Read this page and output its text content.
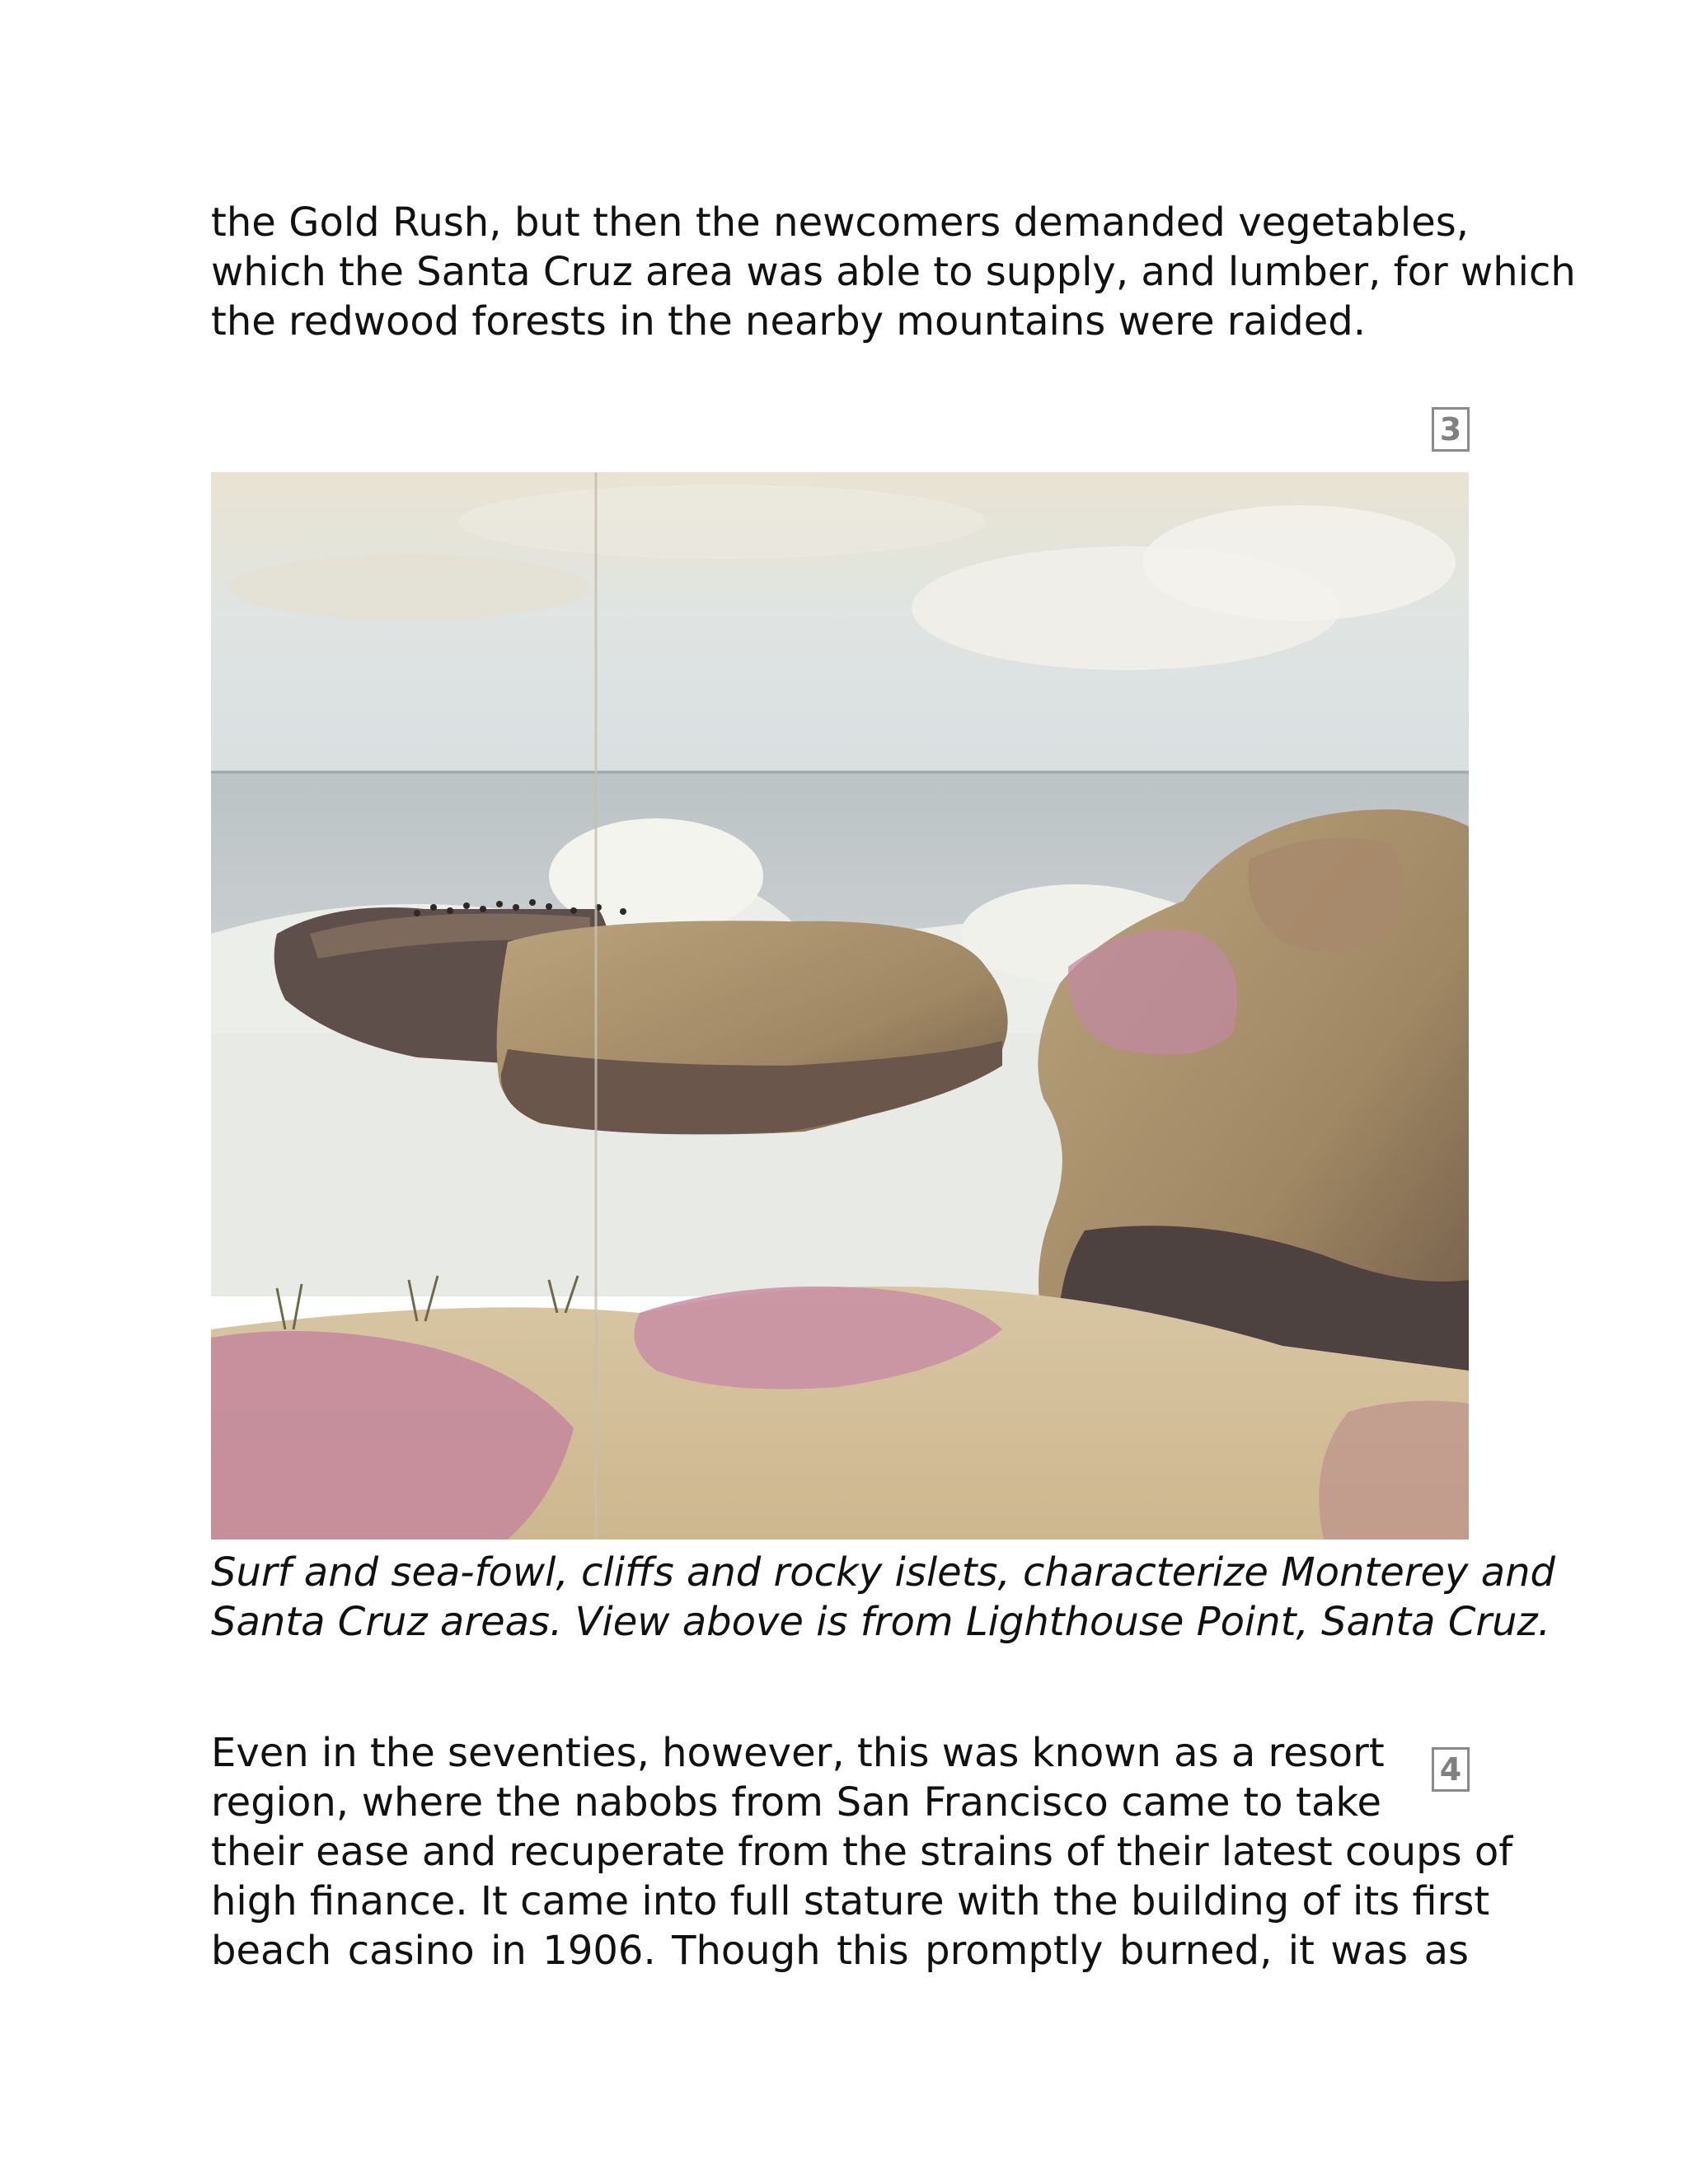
the Gold Rush, but then the newcomers demanded vegetables,
which the Santa Cruz area was able to supply, and lumber, for which
the redwood forests in the nearby mountains were raided.
3
Surf and sea-fowl, cliffs and rocky islets, characterize Monterey and
Santa Cruz areas. View above is from Lighthouse Point, Santa Cruz.
4
Even in the seventies, however, this was known as a resort
region, where the nabobs from San Francisco came to take
their ease and recuperate from the strains of their latest coups of
high finance. It came into full stature with the building of its first
beach casino in 1906. Though this promptly burned, it was as
